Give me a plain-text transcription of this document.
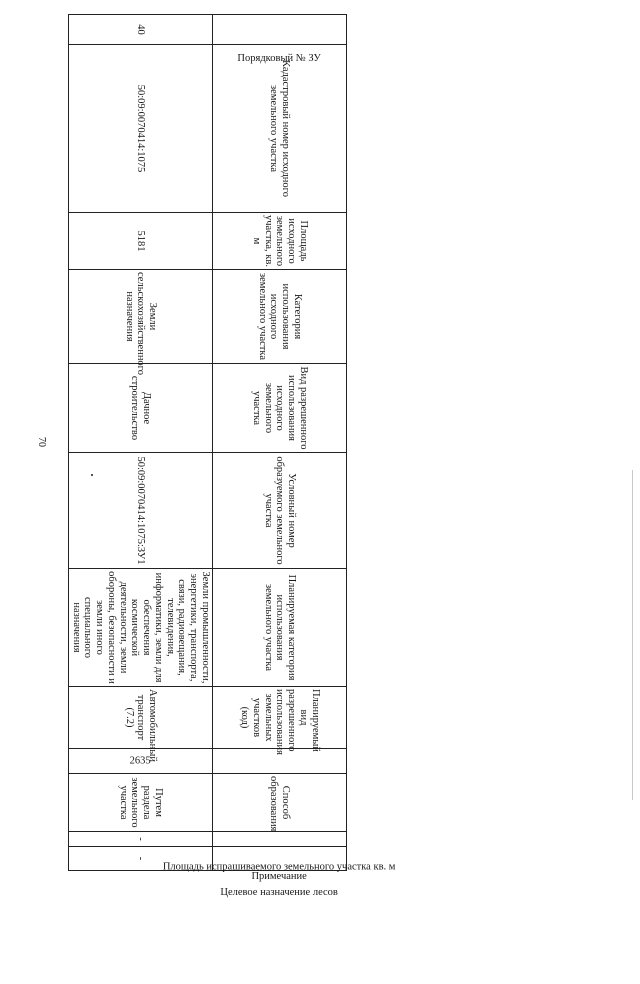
70
Порядковый № ЗУ	Кадастровый номер исходного земельного участка	Площадь исходного земельного участка, кв. м	Категория использования исходного земельного участка	Вид разрешенного использования исходного земельного участка	Условный номер образуемого земельного участка	Планируемая категория использования земельного участка	Планируемый вид разрешенного использования земельных участков (код)	Площадь испрашиваемого земельного участка кв. м	Способ образования	Целевое назначение лесов	Примечание
40	50:09:0070414:1075	5181	Земли сельскохозяйственного назначения	Дачное строительство	50:09:0070414:1075:ЗУ1	Земли промышленности, энергетики, транспорта, связи, радиовещания, телевидения, информатики, земли для обеспечения космической деятельности, земли обороны, безопасности и земли иного специального назначения	Автомобильный транспорт (7.2)	2635	Путем раздела земельного участка	-	-
